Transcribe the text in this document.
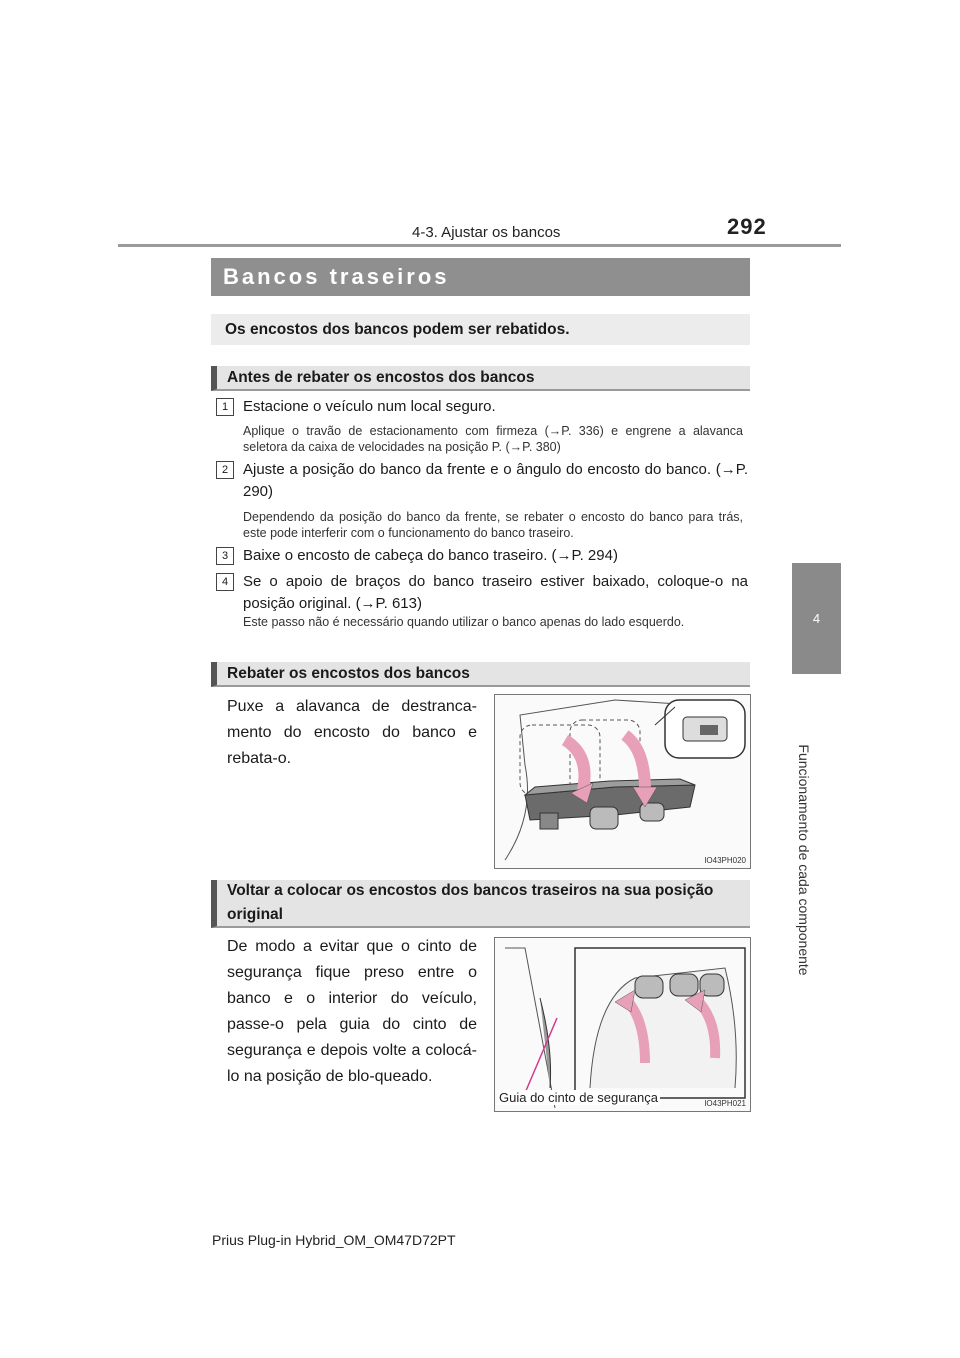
4-3. Ajustar os bancos	292
4
Funcionamento de cada componente
Bancos traseiros
Os encostos dos bancos podem ser rebatidos.
Antes de rebater os encostos dos bancos
1 Estacione o veículo num local seguro.
Aplique o travão de estacionamento com firmeza (→P. 336) e engrene a alavanca seletora da caixa de velocidades na posição P. (→P. 380)
2 Ajuste a posição do banco da frente e o ângulo do encosto do banco. (→P. 290)
Dependendo da posição do banco da frente, se rebater o encosto do banco para trás, este pode interferir com o funcionamento do banco traseiro.
3 Baixe o encosto de cabeça do banco traseiro. (→P. 294)
4 Se o apoio de braços do banco traseiro estiver baixado, coloque-o na posição original. (→P. 613)
Este passo não é necessário quando utilizar o banco apenas do lado esquerdo.
Rebater os encostos dos bancos
Puxe a alavanca de destranca-mento do encosto do banco e rebata-o.
IO43PH020
Voltar a colocar os encostos dos bancos traseiros na sua posição original
De modo a evitar que o cinto de segurança fique preso entre o banco e o interior do veículo, passe-o pela guia do cinto de segurança e depois volte a colocá-lo na posição de blo-queado.
Guia do cinto de segurança	IO43PH021
Prius Plug-in Hybrid_OM_OM47D72PT
